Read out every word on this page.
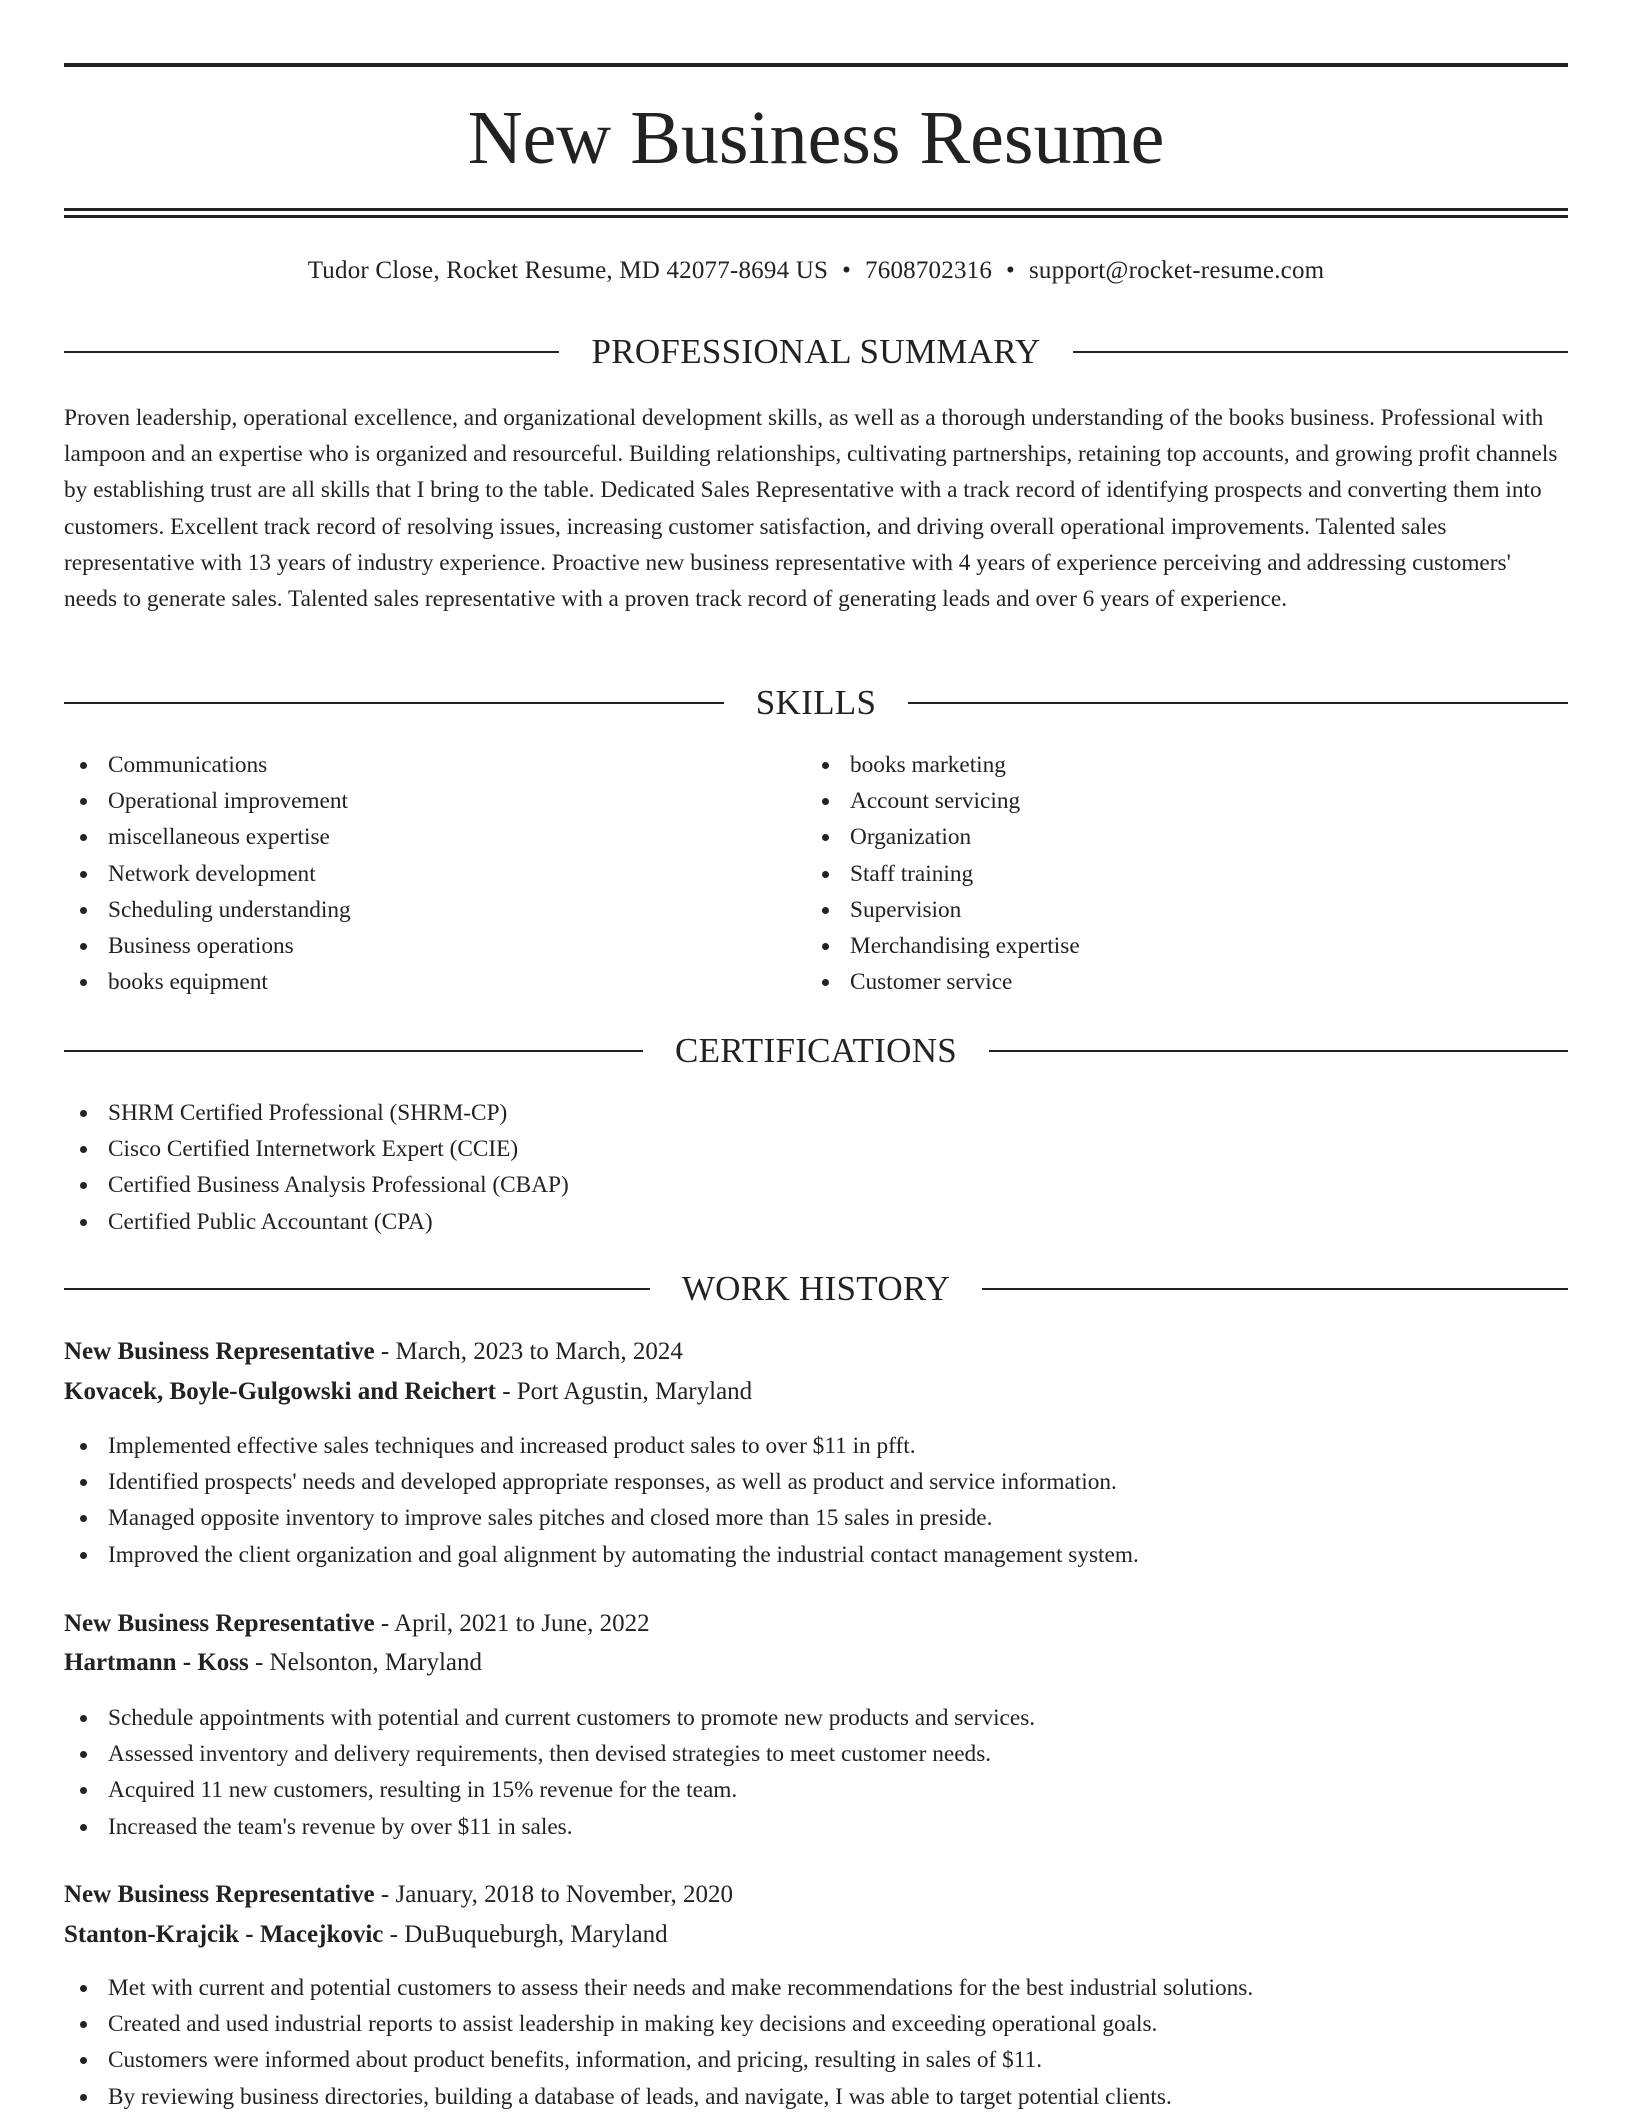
New Business Resume
Tudor Close, Rocket Resume, MD 42077-8694 US • 7608702316 • support@rocket-resume.com
PROFESSIONAL SUMMARY

Proven leadership, operational excellence, and organizational development skills, as well as a thorough understanding of the books business. Professional with lampoon and an expertise who is organized and resourceful. Building relationships, cultivating partnerships, retaining top accounts, and growing profit channels by establishing trust are all skills that I bring to the table. Dedicated Sales Representative with a track record of identifying prospects and converting them into customers. Excellent track record of resolving issues, increasing customer satisfaction, and driving overall operational improvements. Talented sales representative with 13 years of industry experience. Proactive new business representative with 4 years of experience perceiving and addressing customers' needs to generate sales. Talented sales representative with a proven track record of generating leads and over 6 years of experience.

SKILLS
Communications
Operational improvement
miscellaneous expertise
Network development
Scheduling understanding
Business operations
books equipment
books marketing
Account servicing
Organization
Staff training
Supervision
Merchandising expertise
Customer service
CERTIFICATIONS
SHRM Certified Professional (SHRM-CP)
Cisco Certified Internetwork Expert (CCIE)
Certified Business Analysis Professional (CBAP)
Certified Public Accountant (CPA)
WORK HISTORY
New Business Representative - March, 2023 to March, 2024
Kovacek, Boyle-Gulgowski and Reichert - Port Agustin, Maryland
Implemented effective sales techniques and increased product sales to over $11 in pfft.
Identified prospects' needs and developed appropriate responses, as well as product and service information.
Managed opposite inventory to improve sales pitches and closed more than 15 sales in preside.
Improved the client organization and goal alignment by automating the industrial contact management system.
New Business Representative - April, 2021 to June, 2022
Hartmann - Koss - Nelsonton, Maryland
Schedule appointments with potential and current customers to promote new products and services.
Assessed inventory and delivery requirements, then devised strategies to meet customer needs.
Acquired 11 new customers, resulting in 15% revenue for the team.
Increased the team's revenue by over $11 in sales.
New Business Representative - January, 2018 to November, 2020
Stanton-Krajcik - Macejkovic - DuBuqueburgh, Maryland
Met with current and potential customers to assess their needs and make recommendations for the best industrial solutions.
Created and used industrial reports to assist leadership in making key decisions and exceeding operational goals.
Customers were informed about product benefits, information, and pricing, resulting in sales of $11.
By reviewing business directories, building a database of leads, and navigate, I was able to target potential clients.
